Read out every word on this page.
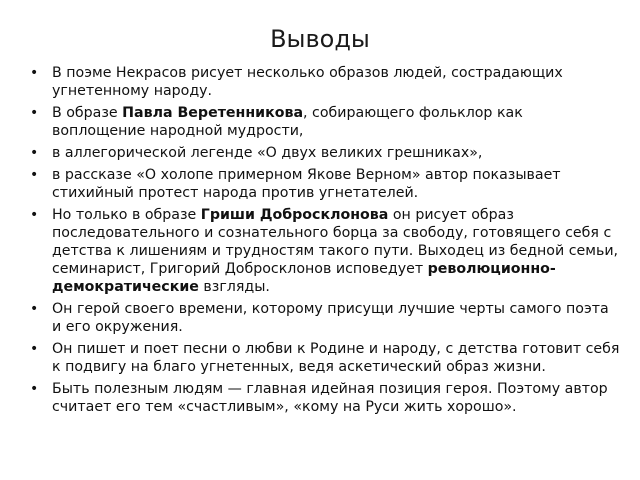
Выводы
• В поэме Некрасов рисует несколько образов людей, сострадающих угнетенному народу.
• В образе Павла Веретенникова, собирающего фольклор как воплощение народной мудрости,
• в аллегорической легенде «О двух великих грешниках»,
• в рассказе «О холопе примерном Якове Верном» автор показывает стихийный протест народа против угнетателей.
• Но только в образе Гриши Добросклонова он рисует образ последовательного и сознательного борца за свободу, готовящего себя с детства к лишениям и трудностям такого пути. Выходец из бедной семьи, семинарист, Григорий Добросклонов исповедует революционно-демократические взгляды.
• Он герой своего времени, которому присущи лучшие черты самого поэта и его окружения.
• Он пишет и поет песни о любви к Родине и народу, с детства готовит себя к подвигу на благо угнетенных, ведя аскетический образ жизни.
• Быть полезным людям — главная идейная позиция героя. Поэтому автор считает его тем «счастливым», «кому на Руси жить хорошо».
